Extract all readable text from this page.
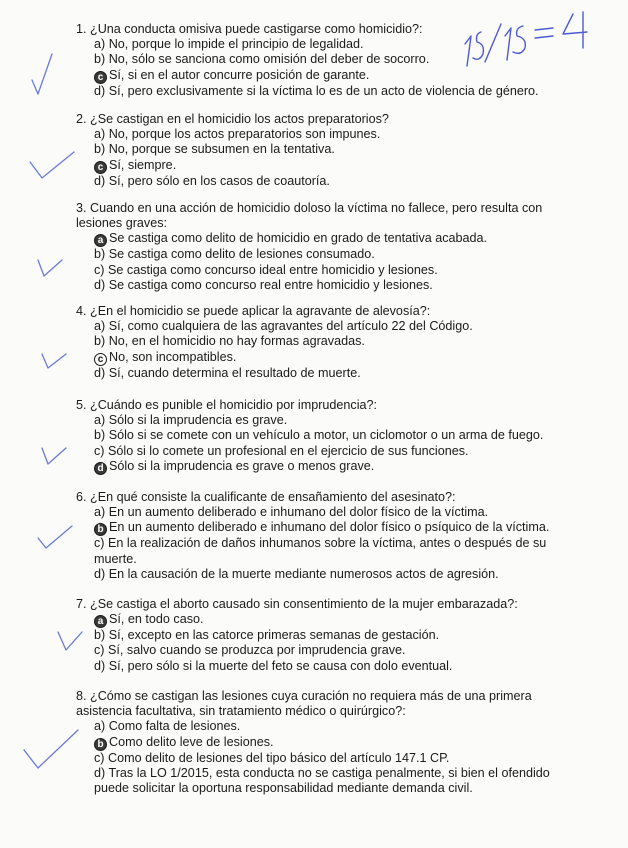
1. ¿Una conducta omisiva puede castigarse como homicidio?:

a) No, porque lo impide el principio de legalidad.

b) No, sólo se sanciona como omisión del deber de socorro.

c Sí, si en el autor concurre posición de garante.

d) Sí, pero exclusivamente si la víctima lo es de un acto de violencia de género.

2. ¿Se castigan en el homicidio los actos preparatorios?

a) No, porque los actos preparatorios son impunes.

b) No, porque se subsumen en la tentativa.

c Sí, siempre.

d) Sí, pero sólo en los casos de coautoría.

3. Cuando en una acción de homicidio doloso la víctima no fallece, pero resulta con lesiones graves:

a Se castiga como delito de homicidio en grado de tentativa acabada.

b) Se castiga como delito de lesiones consumado.

c) Se castiga como concurso ideal entre homicidio y lesiones.

d) Se castiga como concurso real entre homicidio y lesiones.

4. ¿En el homicidio se puede aplicar la agravante de alevosía?:

a) Sí, como cualquiera de las agravantes del artículo 22 del Código.

b) No, en el homicidio no hay formas agravadas.

c No, son incompatibles.

d) Sí, cuando determina el resultado de muerte.

5. ¿Cuándo es punible el homicidio por imprudencia?:

a) Sólo si la imprudencia es grave.

b) Sólo si se comete con un vehículo a motor, un ciclomotor o un arma de fuego.

c) Sólo si lo comete un profesional en el ejercicio de sus funciones.

d Sólo si la imprudencia es grave o menos grave.

6. ¿En qué consiste la cualificante de ensañamiento del asesinato?:

a) En un aumento deliberado e inhumano del dolor físico de la víctima.

b En un aumento deliberado e inhumano del dolor físico o psíquico de la víctima.

c) En la realización de daños inhumanos sobre la víctima, antes o después de su muerte.

d) En la causación de la muerte mediante numerosos actos de agresión.

7. ¿Se castiga el aborto causado sin consentimiento de la mujer embarazada?:

a Sí, en todo caso.

b) Sí, excepto en las catorce primeras semanas de gestación.

c) Sí, salvo cuando se produzca por imprudencia grave.

d) Sí, pero sólo si la muerte del feto se causa con dolo eventual.

8. ¿Cómo se castigan las lesiones cuya curación no requiera más de una primera asistencia facultativa, sin tratamiento médico o quirúrgico?:

a) Como falta de lesiones.

b Como delito leve de lesiones.

c) Como delito de lesiones del tipo básico del artículo 147.1 CP.

d) Tras la LO 1/2015, esta conducta no se castiga penalmente, si bien el ofendido puede solicitar la oportuna responsabilidad mediante demanda civil.
